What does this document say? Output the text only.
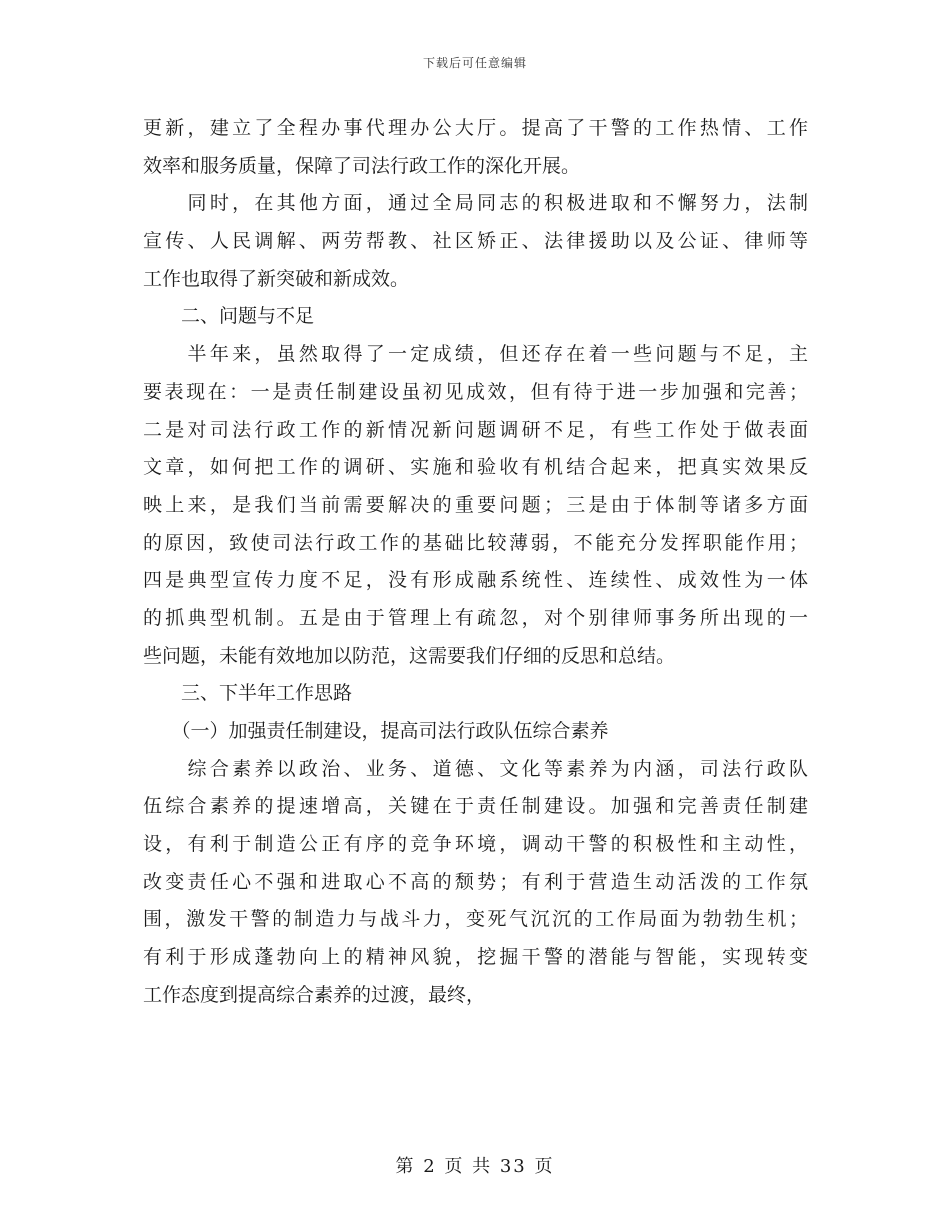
下载后可任意编辑
更新，建立了全程办事代理办公大厅。提高了干警的工作热情、工作
效率和服务质量，保障了司法行政工作的深化开展。
　　同时，在其他方面，通过全局同志的积极进取和不懈努力，法制
宣传、人民调解、两劳帮教、社区矫正、法律援助以及公证、律师等
工作也取得了新突破和新成效。
　　二、问题与不足
　　半年来，虽然取得了一定成绩，但还存在着一些问题与不足，主
要表现在：一是责任制建设虽初见成效，但有待于进一步加强和完善；
二是对司法行政工作的新情况新问题调研不足，有些工作处于做表面
文章，如何把工作的调研、实施和验收有机结合起来，把真实效果反
映上来，是我们当前需要解决的重要问题；三是由于体制等诸多方面
的原因，致使司法行政工作的基础比较薄弱，不能充分发挥职能作用；
四是典型宣传力度不足，没有形成融系统性、连续性、成效性为一体
的抓典型机制。五是由于管理上有疏忽，对个别律师事务所出现的一
些问题，未能有效地加以防范，这需要我们仔细的反思和总结。
　　三、下半年工作思路
　　（一）加强责任制建设，提高司法行政队伍综合素养
　　综合素养以政治、业务、道德、文化等素养为内涵，司法行政队
伍综合素养的提速增高，关键在于责任制建设。加强和完善责任制建
设，有利于制造公正有序的竞争环境，调动干警的积极性和主动性，
改变责任心不强和进取心不高的颓势；有利于营造生动活泼的工作氛
围，激发干警的制造力与战斗力，变死气沉沉的工作局面为勃勃生机；
有利于形成蓬勃向上的精神风貌，挖掘干警的潜能与智能，实现转变
工作态度到提高综合素养的过渡，最终，
第 2 页 共 33 页
